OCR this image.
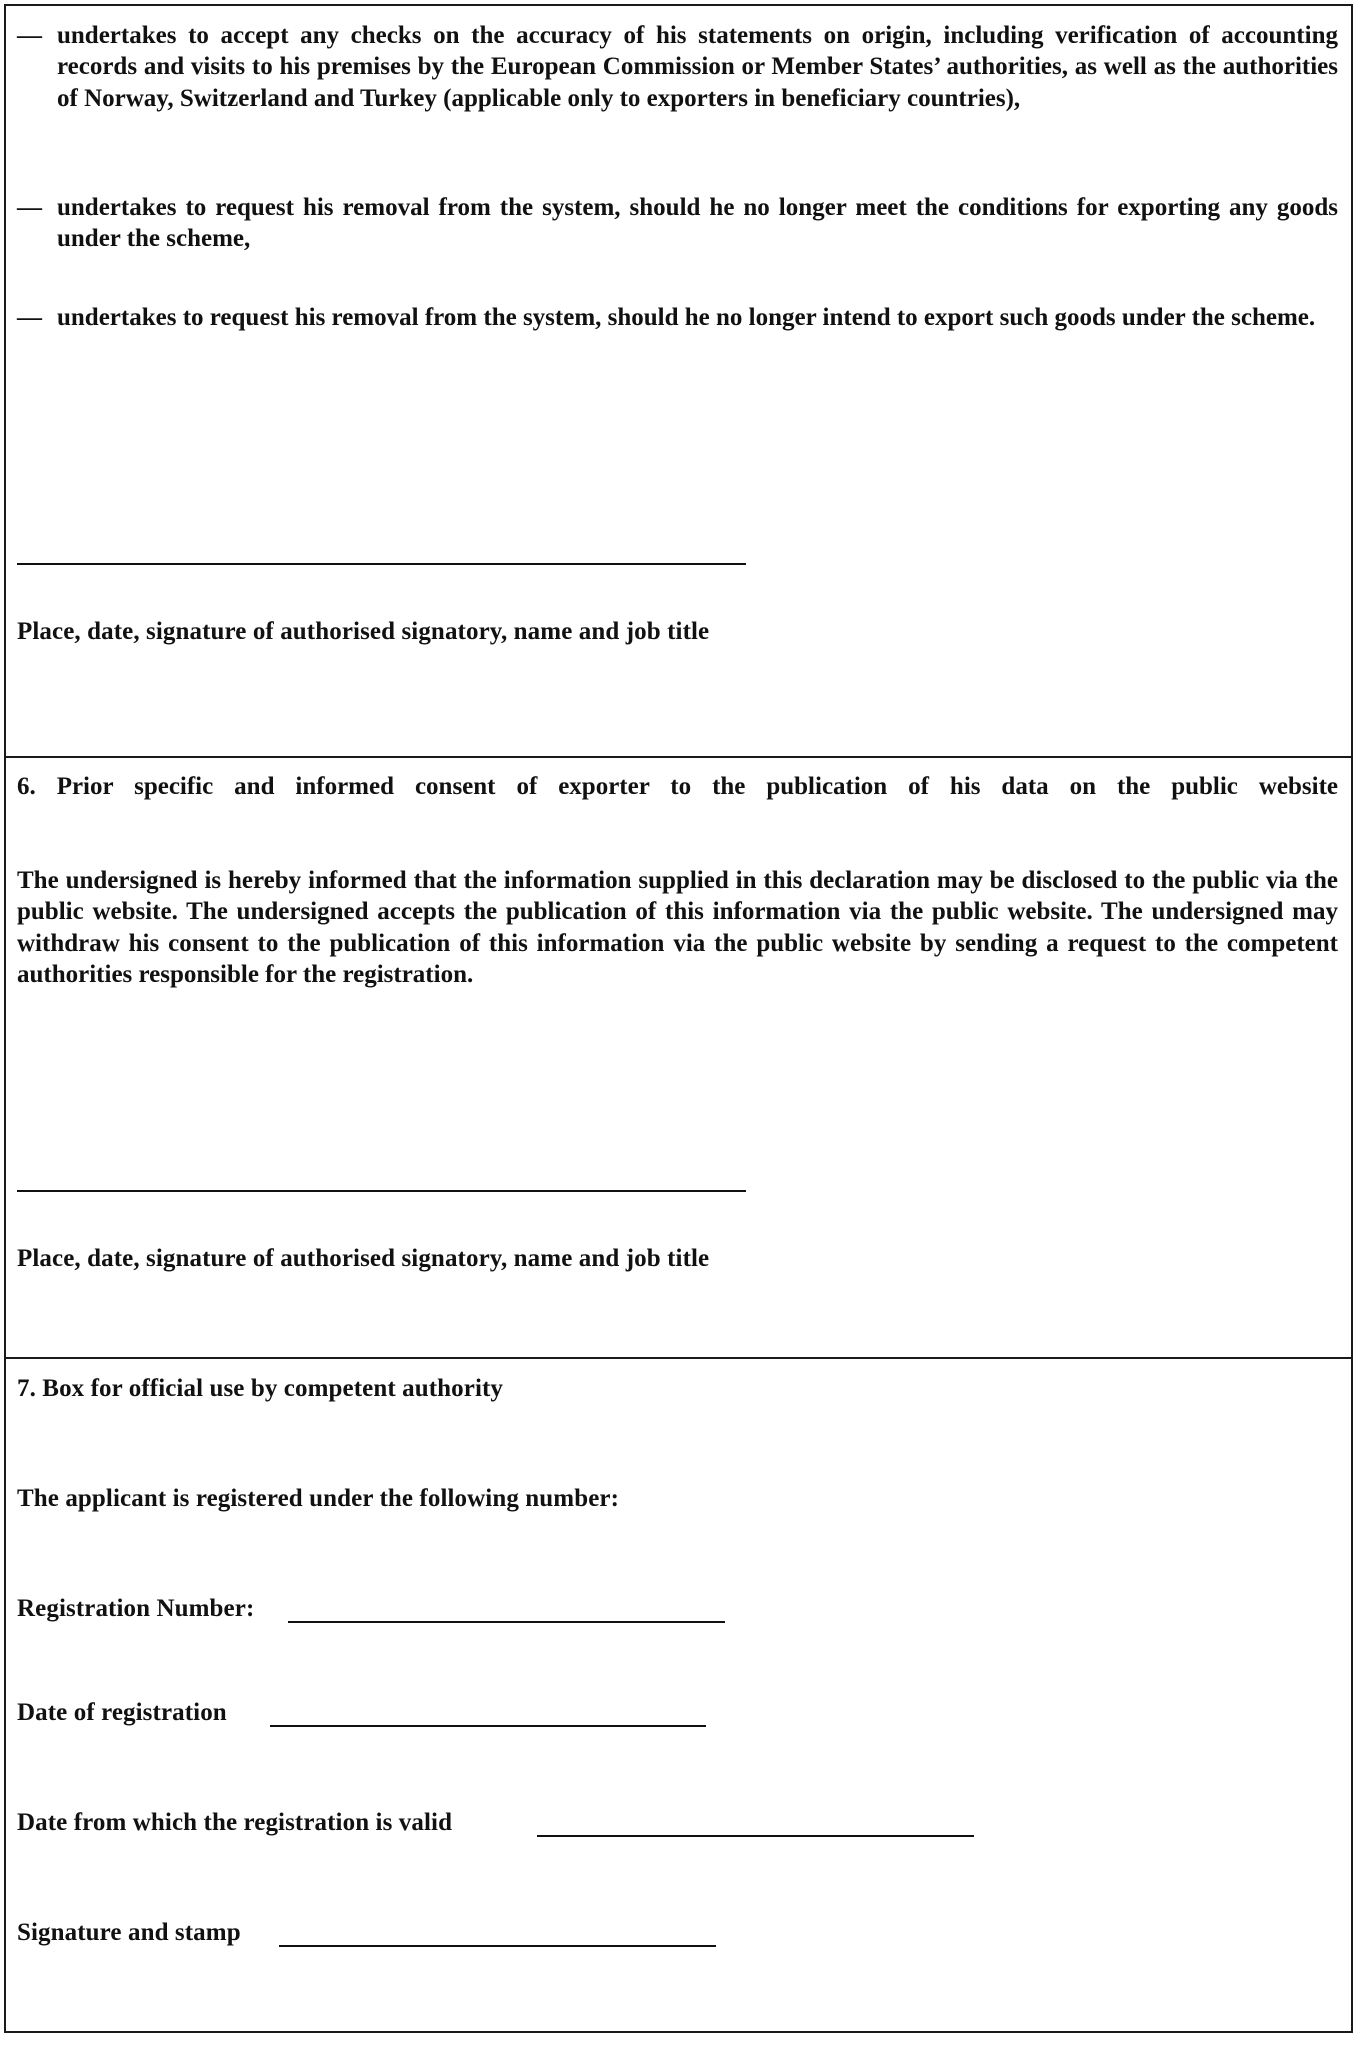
— undertakes to accept any checks on the accuracy of his statements on origin, including verification of accounting records and visits to his premises by the European Commission or Member States’ authorities, as well as the authorities of Norway, Switzerland and Turkey (applicable only to exporters in beneficiary countries),
— undertakes to request his removal from the system, should he no longer meet the conditions for exporting any goods under the scheme,
— undertakes to request his removal from the system, should he no longer intend to export such goods under the scheme.
Place, date, signature of authorised signatory, name and job title
6. Prior specific and informed consent of exporter to the publication of his data on the public website
The undersigned is hereby informed that the information supplied in this declaration may be disclosed to the public via the public website. The undersigned accepts the publication of this information via the public website. The undersigned may withdraw his consent to the publication of this information via the public website by sending a request to the competent authorities responsible for the registration.
Place, date, signature of authorised signatory, name and job title
7. Box for official use by competent authority
The applicant is registered under the following number:
Registration Number:
Date of registration
Date from which the registration is valid
Signature and stamp
